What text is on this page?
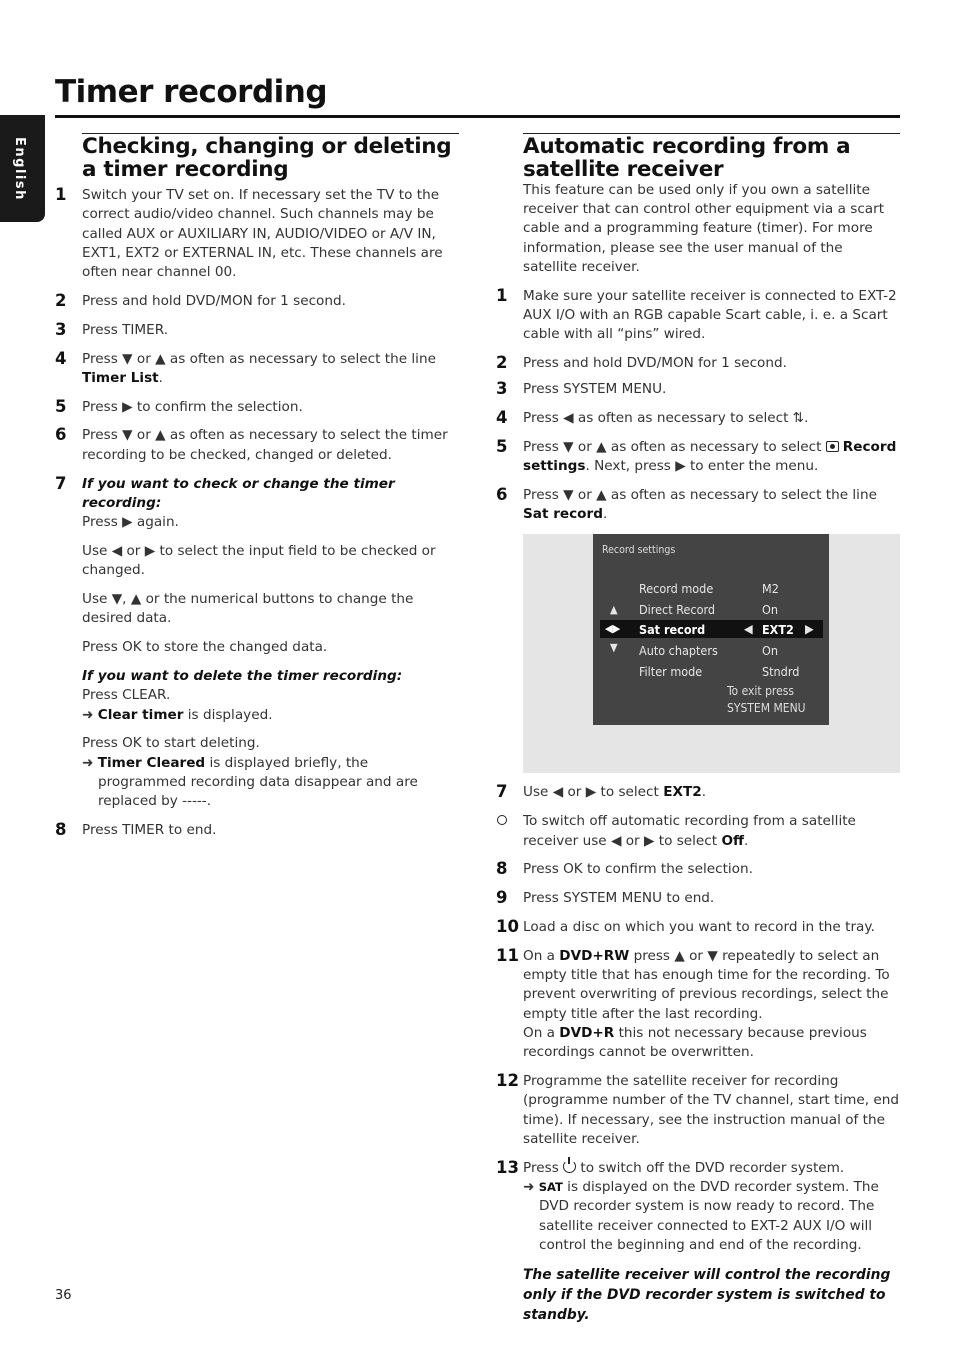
English
Timer recording
Checking, changing or deleting a timer recording
1 Switch your TV set on. If necessary set the TV to the correct audio/video channel. Such channels may be called AUX or AUXILIARY IN, AUDIO/VIDEO or A/V IN, EXT1, EXT2 or EXTERNAL IN, etc. These channels are often near channel 00.
2 Press and hold DVD/MON for 1 second.
3 Press TIMER.
4 Press ▼ or ▲ as often as necessary to select the line Timer List.
5 Press ▶ to confirm the selection.
6 Press ▼ or ▲ as often as necessary to select the timer recording to be checked, changed or deleted.
7 If you want to check or change the timer recording:
Press ▶ again.
Use ◀ or ▶ to select the input field to be checked or changed.
Use ▼, ▲ or the numerical buttons to change the desired data.
Press OK to store the changed data.
If you want to delete the timer recording:
Press CLEAR.
➜ Clear timer is displayed.
Press OK to start deleting.
➜ Timer Cleared is displayed briefly, the programmed recording data disappear and are replaced by -----.
8 Press TIMER to end.
Automatic recording from a satellite receiver
This feature can be used only if you own a satellite receiver that can control other equipment via a scart cable and a programming feature (timer). For more information, please see the user manual of the satellite receiver.
1 Make sure your satellite receiver is connected to EXT-2 AUX I/O with an RGB capable Scart cable, i. e. a Scart cable with all “pins” wired.
2 Press and hold DVD/MON for 1 second.
3 Press SYSTEM MENU.
4 Press ◀ as often as necessary to select ⇅.
5 Press ▼ or ▲ as often as necessary to select
Record settings. Next, press ▶ to enter the menu.
6 Press ▼ or ▲ as often as necessary to select the line Sat record.
Record settings
Record mode	M2
▲ Direct Record	On
◀▶ Sat record	◀ EXT2 ▶
▼ Auto chapters	On
Filter mode	Stndrd
To exit press
SYSTEM MENU
7 Use ◀ or ▶ to select EXT2.
To switch off automatic recording from a satellite receiver use ◀ or ▶ to select Off.
8 Press OK to confirm the selection.
9 Press SYSTEM MENU to end.
10 Load a disc on which you want to record in the tray.
11 On a DVD+RW press ▲ or ▼ repeatedly to select an empty title that has enough time for the recording. To prevent overwriting of previous recordings, select the empty title after the last recording.
On a DVD+R this not necessary because previous recordings cannot be overwritten.
12 Programme the satellite receiver for recording (programme number of the TV channel, start time, end time). If necessary, see the instruction manual of the satellite receiver.
13 Press
to switch off the DVD recorder system.
➜ SAT is displayed on the DVD recorder system. The DVD recorder system is now ready to record. The satellite receiver connected to EXT-2 AUX I/O will control the beginning and end of the recording.
The satellite receiver will control the recording only if the DVD recorder system is switched to standby.
36
